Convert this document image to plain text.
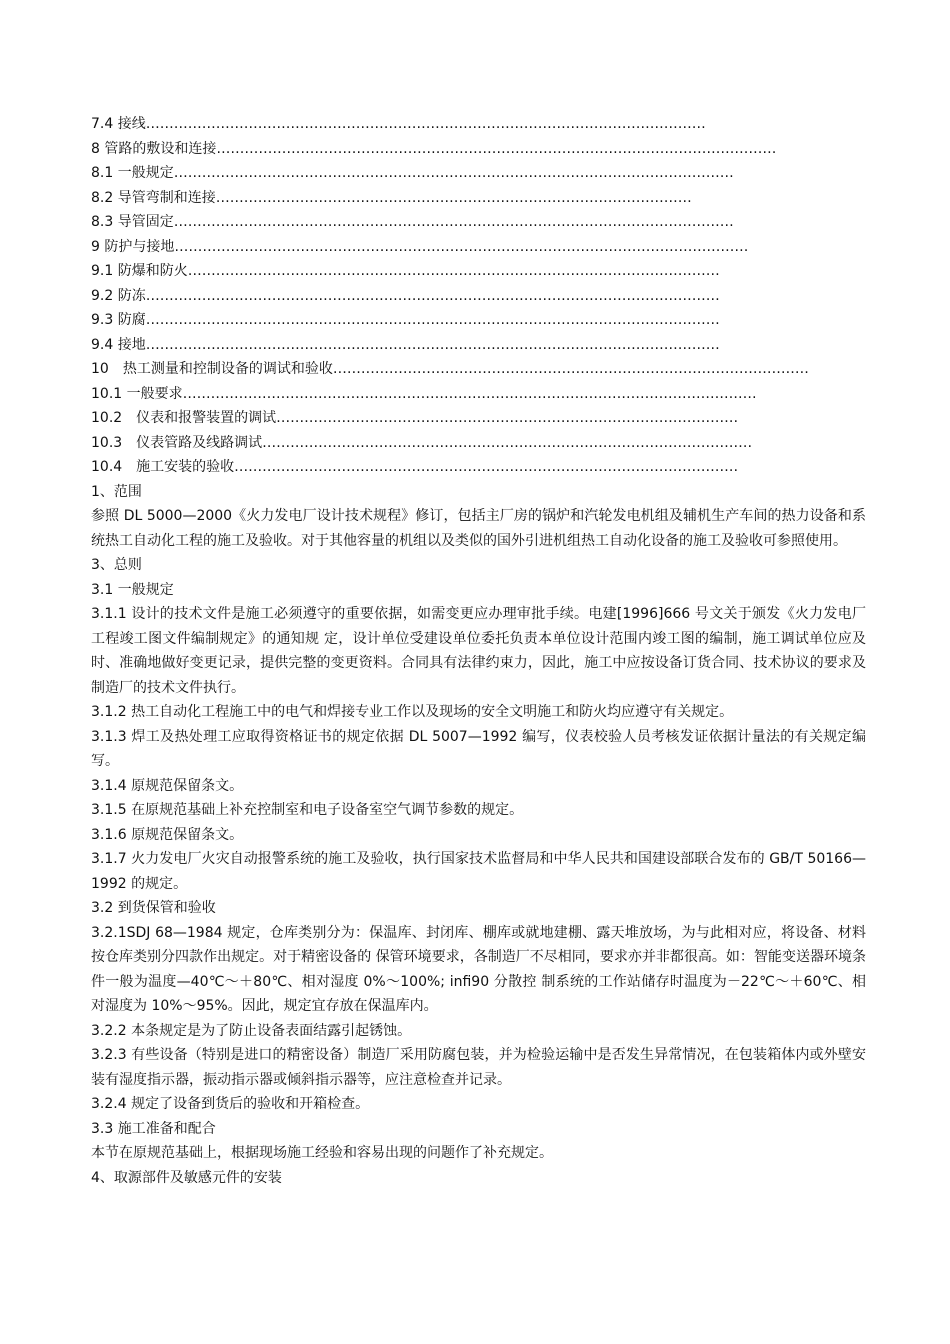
7.4 接线…………………………………………………………………………………………………………
8 管路的敷设和连接…………………………………………………………………………………………………………
8.1 一般规定…………………………………………………………………………………………………………
8.2 导管弯制和连接…………………………………………………………………………………………
8.3 导管固定…………………………………………………………………………………………………………
9 防护与接地……………………………………………………………………………………………………………
9.1 防爆和防火……………………………………………………………………………………………………
9.2 防冻……………………………………………………………………………………………………………
9.3 防腐……………………………………………………………………………………………………………
9.4 接地……………………………………………………………………………………………………………
10　热工测量和控制设备的调试和验收…………………………………………………………………………………………
10.1 一般要求……………………………………………………………………………………………………………
10.2　仪表和报警装置的调试………………………………………………………………………………………
10.3　仪表管路及线路调试……………………………………………………………………………………………
10.4　施工安装的验收………………………………………………………………………………………………
1、范围
参照 DL 5000—2000《火力发电厂设计技术规程》修订，包括主厂房的锅炉和汽轮发电机组及辅机生产车间的热力设备和系统热工自动化工程的施工及验收。对于其他容量的机组以及类似的国外引进机组热工自动化设备的施工及验收可参照使用。
3、总则
3.1 一般规定
3.1.1 设计的技术文件是施工必须遵守的重要依据，如需变更应办理审批手续。电建[1996]666 号文关于颁发《火力发电厂工程竣工图文件编制规定》的通知规 定，设计单位受建设单位委托负责本单位设计范围内竣工图的编制，施工调试单位应及时、准确地做好变更记录，提供完整的变更资料。合同具有法律约束力，因此，施工中应按设备订货合同、技术协议的要求及制造厂的技术文件执行。
3.1.2 热工自动化工程施工中的电气和焊接专业工作以及现场的安全文明施工和防火均应遵守有关规定。
3.1.3 焊工及热处理工应取得资格证书的规定依据 DL 5007—1992 编写，仪表校验人员考核发证依据计量法的有关规定编写。
3.1.4 原规范保留条文。
3.1.5 在原规范基础上补充控制室和电子设备室空气调节参数的规定。
3.1.6 原规范保留条文。
3.1.7 火力发电厂火灾自动报警系统的施工及验收，执行国家技术监督局和中华人民共和国建设部联合发布的 GB/T 50166—1992 的规定。
3.2 到货保管和验收
3.2.1SDJ 68—1984 规定，仓库类别分为：保温库、封闭库、棚库或就地建棚、露天堆放场，为与此相对应，将设备、材料按仓库类别分四款作出规定。对于精密设备的 保管环境要求，各制造厂不尽相同，要求亦并非都很高。如：智能变送器环境条件一般为温度—40℃～＋80℃、相对湿度 0%～100%; infi90 分散控 制系统的工作站储存时温度为－22℃～＋60℃、相对湿度为 10%～95%。因此，规定宜存放在保温库内。
3.2.2 本条规定是为了防止设备表面结露引起锈蚀。
3.2.3 有些设备（特别是进口的精密设备）制造厂采用防腐包装，并为检验运输中是否发生异常情况，在包装箱体内或外壁安装有湿度指示器，振动指示器或倾斜指示器等，应注意检查并记录。
3.2.4 规定了设备到货后的验收和开箱检查。
3.3 施工准备和配合
本节在原规范基础上，根据现场施工经验和容易出现的问题作了补充规定。
4、取源部件及敏感元件的安装
